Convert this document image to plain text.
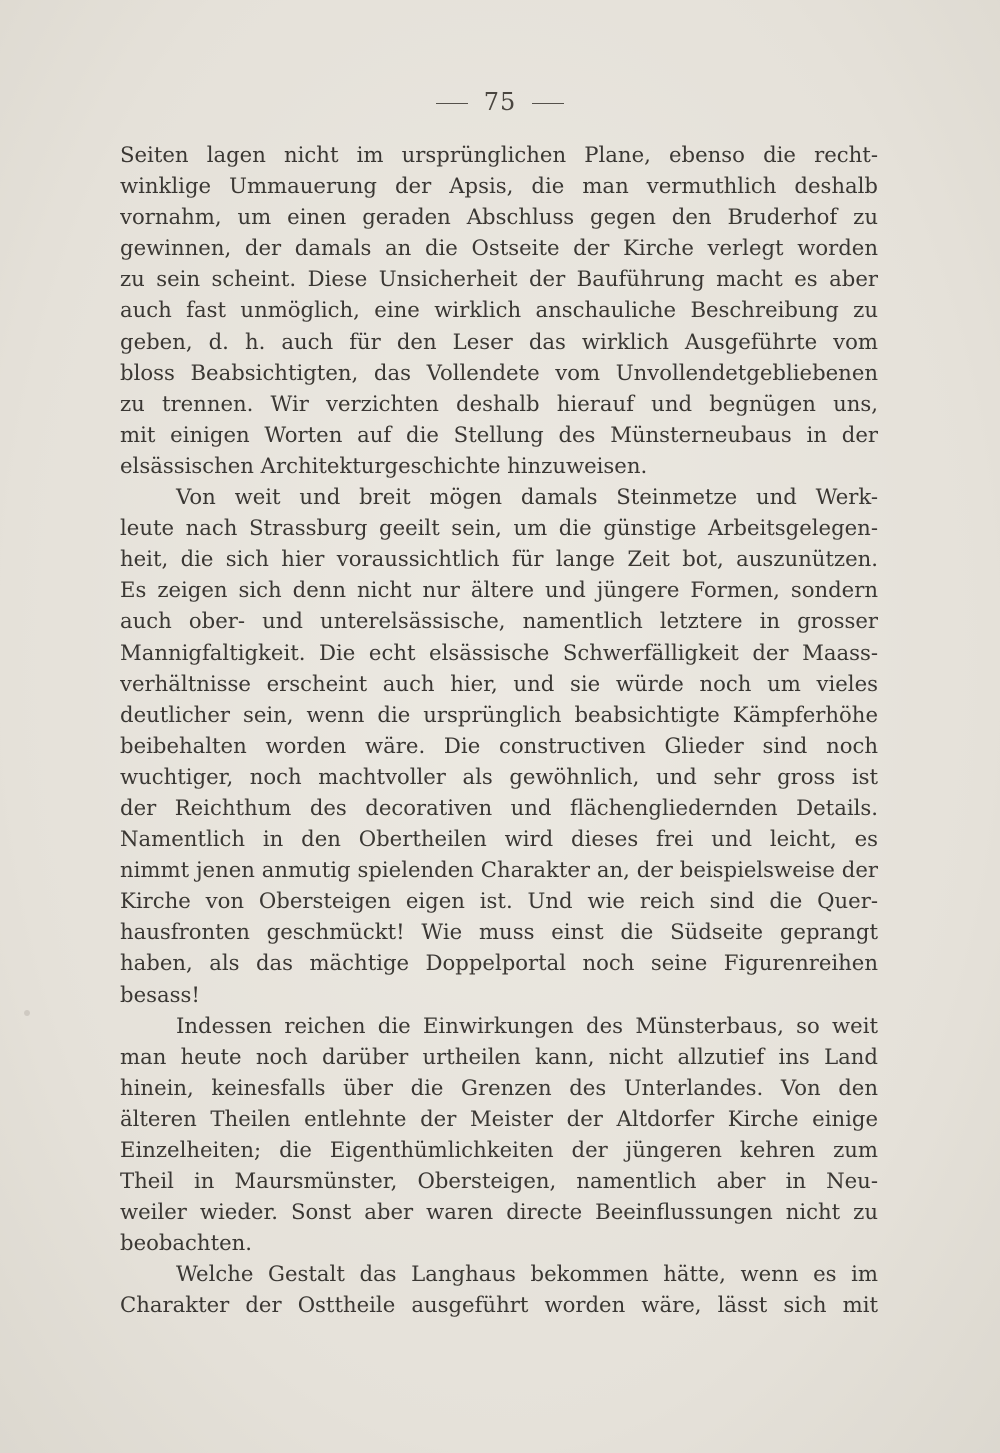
75
Seiten lagen nicht im ursprünglichen Plane, ebenso die recht-
winklige Ummauerung der Apsis, die man vermuthlich deshalb
vornahm, um einen geraden Abschluss gegen den Bruderhof zu
gewinnen, der damals an die Ostseite der Kirche verlegt worden
zu sein scheint. Diese Unsicherheit der Bauführung macht es aber
auch fast unmöglich, eine wirklich anschauliche Beschreibung zu
geben, d. h. auch für den Leser das wirklich Ausgeführte vom
bloss Beabsichtigten, das Vollendete vom Unvollendetgebliebenen
zu trennen. Wir verzichten deshalb hierauf und begnügen uns,
mit einigen Worten auf die Stellung des Münsterneubaus in der
elsässischen Architekturgeschichte hinzuweisen.
Von weit und breit mögen damals Steinmetze und Werk-
leute nach Strassburg geeilt sein, um die günstige Arbeitsgelegen-
heit, die sich hier voraussichtlich für lange Zeit bot, auszunützen.
Es zeigen sich denn nicht nur ältere und jüngere Formen, sondern
auch ober- und unterelsässische, namentlich letztere in grosser
Mannigfaltigkeit. Die echt elsässische Schwerfälligkeit der Maass-
verhältnisse erscheint auch hier, und sie würde noch um vieles
deutlicher sein, wenn die ursprünglich beabsichtigte Kämpferhöhe
beibehalten worden wäre. Die constructiven Glieder sind noch
wuchtiger, noch machtvoller als gewöhnlich, und sehr gross ist
der Reichthum des decorativen und flächengliedernden Details.
Namentlich in den Obertheilen wird dieses frei und leicht, es
nimmt jenen anmutig spielenden Charakter an, der beispielsweise der
Kirche von Obersteigen eigen ist. Und wie reich sind die Quer-
hausfronten geschmückt! Wie muss einst die Südseite geprangt
haben, als das mächtige Doppelportal noch seine Figurenreihen
besass!
Indessen reichen die Einwirkungen des Münsterbaus, so weit
man heute noch darüber urtheilen kann, nicht allzutief ins Land
hinein, keinesfalls über die Grenzen des Unterlandes. Von den
älteren Theilen entlehnte der Meister der Altdorfer Kirche einige
Einzelheiten; die Eigenthümlichkeiten der jüngeren kehren zum
Theil in Maursmünster, Obersteigen, namentlich aber in Neu-
weiler wieder. Sonst aber waren directe Beeinflussungen nicht zu
beobachten.
Welche Gestalt das Langhaus bekommen hätte, wenn es im
Charakter der Osttheile ausgeführt worden wäre, lässt sich mit
